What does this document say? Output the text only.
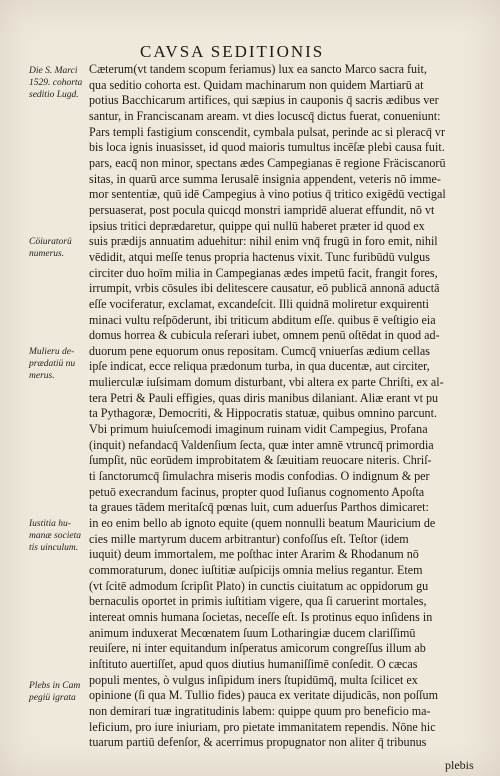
CAVSA SEDITIONIS
Die S. Marci
1529. cohorta
seditio Lugd.
Cöiuratorü
numerus.
Mulieru de-
prædatiü nu
merus.
Iustitia hu-
manæ societa
tis uinculum.
Plebs in Cam
pegiü igrata
Cæterum(vt tandem scopum feriamus) lux ea sancto Marco sacra fuit,
qua seditio cohorta est. Quidam machinarum non quidem Martiarū at
potius Bacchicarum artifices, qui sæpius in cauponis q̄ sacris ædibus ver
santur, in Franciscanam aream. vt dies locuscq̄ dictus fuerat, conueniunt:
Pars templi fastigium conscendit, cymbala pulsat, perinde ac si pleracq̄ vr
bis loca ignis inuasisset, id quod maioris tumultus incēſæ plebi causa fuit.
pars, eacq̄ non minor, spectans ædes Campegianas ē regione Fräciscanorū
sitas, in quarū arce summa Ierusalē insignia appendent, veteris nō imme-
mor sententiæ, quū idē Campegius à vino potius q̄ tritico exigēdū vectigal
persuaserat, post pocula quicqd monstri iampridē aluerat effundit, nō vt
ipsius tritici deprædaretur, quippe qui nullū haberet præter id quod ex
suis prædijs annuatim aduehitur: nihil enim vnq̄ frugū in foro emit, nihil
vēdidit, atqui meſſe tenus propria hactenus vixit. Tunc furibūdū vulgus
circiter duo hoīm milia in Campegianas ædes impetū facit, frangit fores,
irrumpit, vrbis cōsules ibi delitescere causatur, eō publicā annonā aductā
eſſe vociferatur, exclamat, excandeſcit. Illi quidnā moliretur exquirenti
minaci vultu reſpōderunt, ibi triticum abditum eſſe. quibus ē veſtigio eia
domus horrea & cubicula reſerari iubet, omnem penū oſtēdat in quod ad-
duorum pene equorum onus repositam. Cumcq̄ vniuerſas ædium cellas
ipſe indicat, ecce reliqua prædonum turba, in qua ducentæ, aut circiter,
mulierculæ iuſsimam domum disturbant, vbi altera ex parte Chriſti, ex al-
tera Petri & Pauli effigies, quas diris manibus dilaniant. Aliæ erant vt pu
ta Pythagoræ, Democriti, & Hippocratis statuæ, quibus omnino parcunt.
Vbi primum huiuſcemodi imaginum ruinam vidit Campegius, Profana
(inquit) nefandacq̄ Valdenſium ſecta, quæ inter amnē vtruncq̄ primordia
ſumpſit, nūc eorūdem improbitatem & ſæuitiam reuocare niteris. Chriſ-
ti ſanctorumcq̄ ſimulachra miseris modis confodias. O indignum & per
petuō execrandum facinus, propter quod Iuſianus cognomento Apoſta
ta graues tādem meritaſcq̄ pœnas luit, cum aduerſus Parthos dimicaret:
in eo enim bello ab ignoto equite (quem nonnulli beatum Mauricium de
cies mille martyrum ducem arbitrantur) confoſſus eſt. Teſtor (idem
iuquit) deum immortalem, me poſthac inter Ararim & Rhodanum nō
commoraturum, donec iuſtitiæ auſpicijs omnia melius regantur. Etem
(vt ſcitē admodum ſcripſit Plato) in cunctis ciuitatum ac oppidorum gu
bernaculis oportet in primis iuſtitiam vigere, qua ſi caruerint mortales,
intereat omnis humana ſocietas, neceſſe eſt. Is protinus equo inſidens in
animum induxerat Mecœnatem ſuum Lotharingiæ ducem clariſſimū
reuiſere, ni inter equitandum inſperatus amicorum congreſſus illum ab
inſtituto auertiſſet, apud quos diutius humaniſſimē conſedit. O cæcas
populi mentes, ò vulgus inſipidum iners ſtupidūmq̄, multa ſcilicet ex
opinione (ſi qua M. Tullio fides) pauca ex veritate dijudicās, non poſſum
non demirari tuæ ingratitudinis labem: quippe quum pro beneficio ma-
leficium, pro iure iniuriam, pro pietate immanitatem rependis. Nōne hic
tuarum partiū defenſor, & acerrimus propugnator non aliter q̄ tribunus
plebis
